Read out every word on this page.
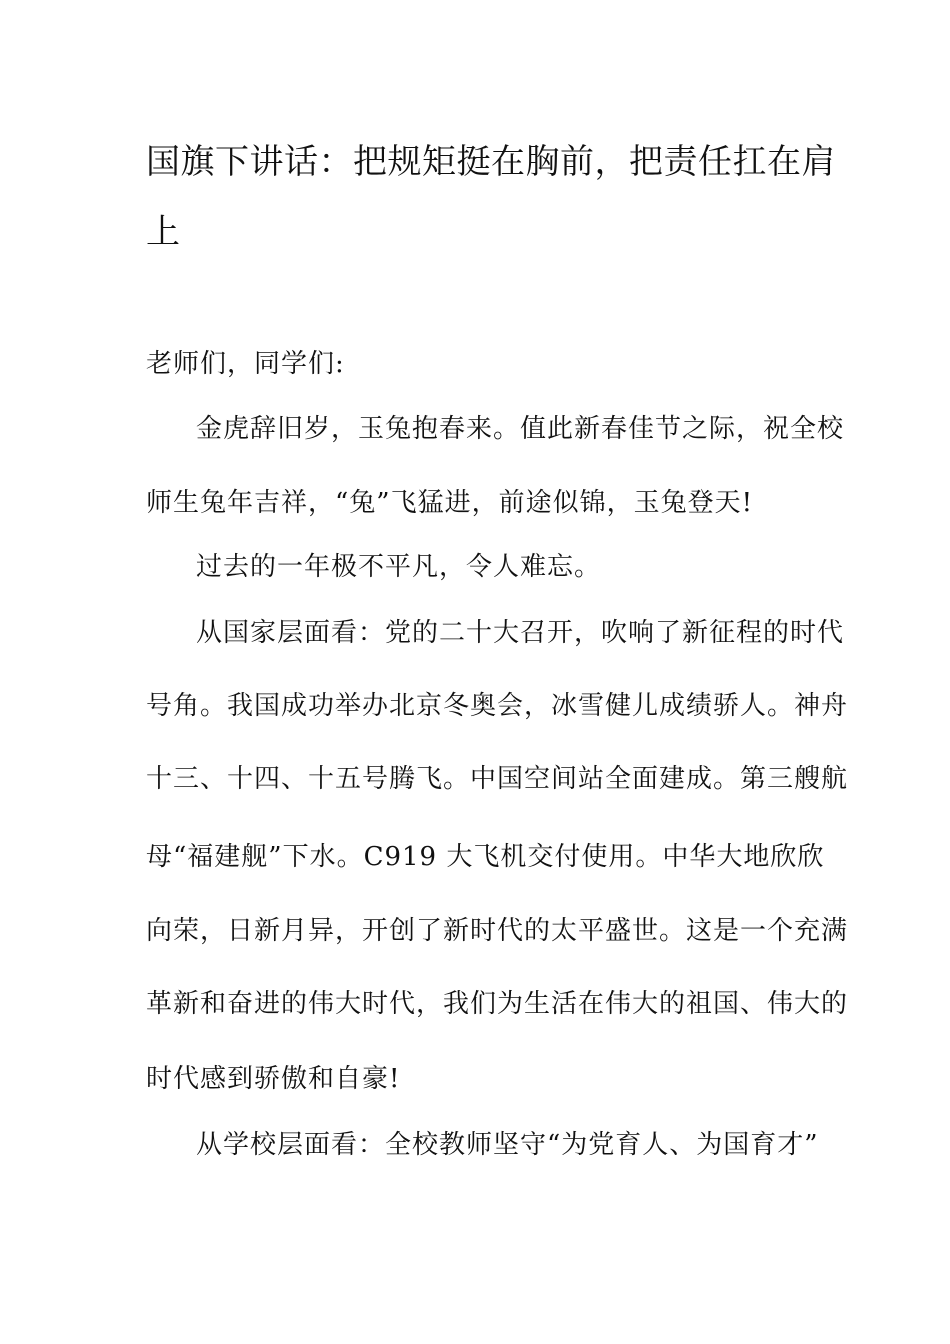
国旗下讲话：把规矩挺在胸前，把责任扛在肩
上

老师们，同学们:

金虎辞旧岁，玉兔抱春来。值此新春佳节之际，祝全校

师生兔年吉祥，“兔”飞猛进，前途似锦，玉兔登天!

过去的一年极不平凡，令人难忘。

从国家层面看：党的二十大召开，吹响了新征程的时代

号角。我国成功举办北京冬奥会，冰雪健儿成绩骄人。神舟

十三、十四、十五号腾飞。中国空间站全面建成。第三艘航

母“福建舰”下水。C919 大飞机交付使用。中华大地欣欣

向荣，日新月异，开创了新时代的太平盛世。这是一个充满

革新和奋进的伟大时代，我们为生活在伟大的祖国、伟大的

时代感到骄傲和自豪!

从学校层面看：全校教师坚守“为党育人、为国育才”
